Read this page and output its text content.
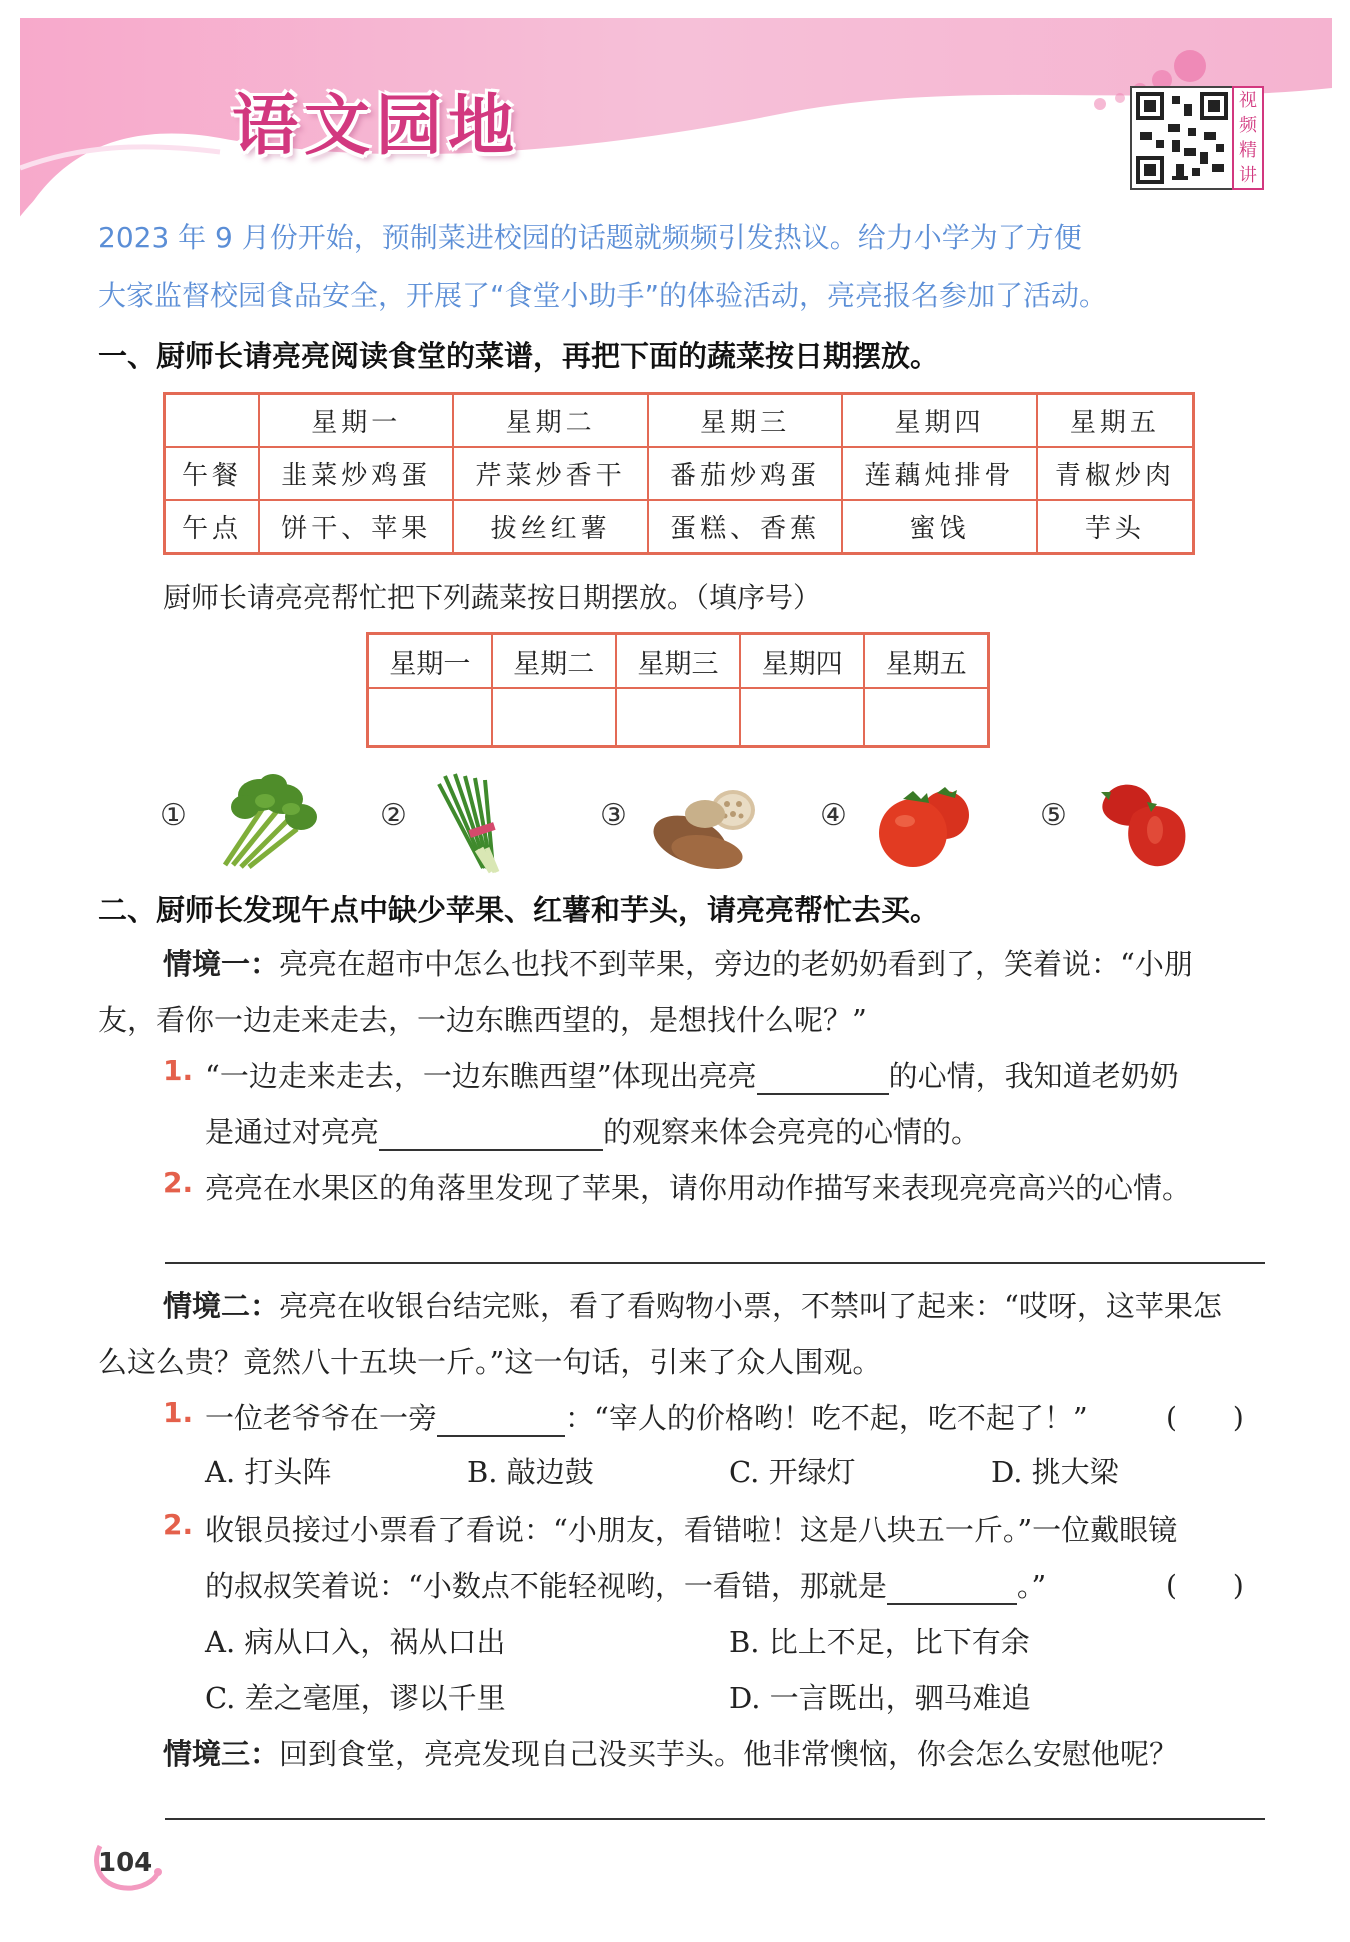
语文园地	视频精讲
2023 年 9 月份开始，预制菜进校园的话题就频频引发热议。给力小学为了方便
大家监督校园食品安全，开展了“食堂小助手”的体验活动，亮亮报名参加了活动。
一、厨师长请亮亮阅读食堂的菜谱，再把下面的蔬菜按日期摆放。
	星期一	星期二	星期三	星期四	星期五
午餐	韭菜炒鸡蛋	芹菜炒香干	番茄炒鸡蛋	莲藕炖排骨	青椒炒肉
午点	饼干、苹果	拔丝红薯	蛋糕、香蕉	蜜饯	芋头
厨师长请亮亮帮忙把下列蔬菜按日期摆放。（填序号）
星期一	星期二	星期三	星期四	星期五

①	②	③	④	⑤
二、厨师长发现午点中缺少苹果、红薯和芋头，请亮亮帮忙去买。
情境一：亮亮在超市中怎么也找不到苹果，旁边的老奶奶看到了，笑着说：“小朋
友，看你一边走来走去，一边东瞧西望的，是想找什么呢？”
1. “一边走来走去，一边东瞧西望”体现出亮亮	的心情，我知道老奶奶
是通过对亮亮	的观察来体会亮亮的心情的。
2. 亮亮在水果区的角落里发现了苹果，请你用动作描写来表现亮亮高兴的心情。
情境二：亮亮在收银台结完账，看了看购物小票，不禁叫了起来：“哎呀，这苹果怎
么这么贵？竟然八十五块一斤。”这一句话，引来了众人围观。
1. 一位老爷爷在一旁	：“宰人的价格哟！吃不起，吃不起了！”	(　　)
A. 打头阵	B. 敲边鼓	C. 开绿灯	D. 挑大梁
2. 收银员接过小票看了看说：“小朋友，看错啦！这是八块五一斤。”一位戴眼镜
的叔叔笑着说：“小数点不能轻视哟，一看错，那就是	。”	(　　)
A. 病从口入，祸从口出	B. 比上不足，比下有余
C. 差之毫厘，谬以千里	D. 一言既出，驷马难追
情境三：回到食堂，亮亮发现自己没买芋头。他非常懊恼，你会怎么安慰他呢？
104
